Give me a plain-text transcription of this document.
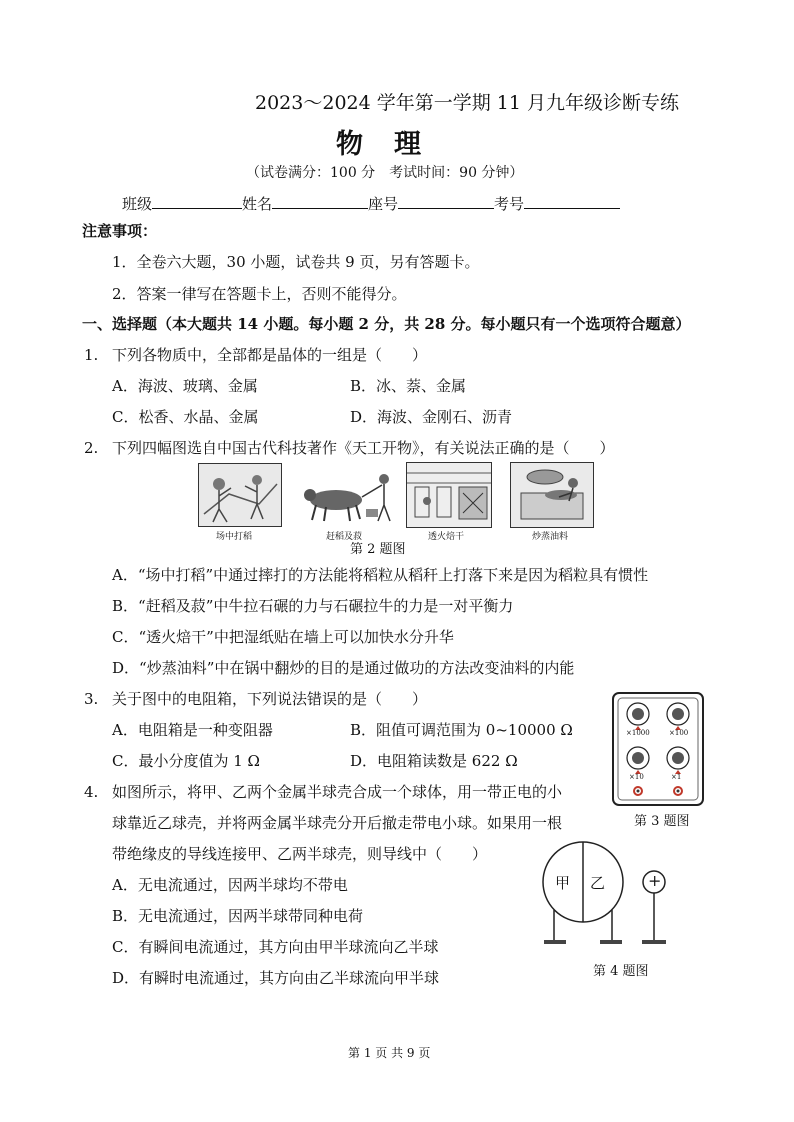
2023～2024 学年第一学期 11 月九年级诊断专练
物　理
（试卷满分：100 分　考试时间：90 分钟）
班级	姓名	座号	考号
注意事项：
1．全卷六大题，30 小题，试卷共 9 页，另有答题卡。
2．答案一律写在答题卡上，否则不能得分。
一、选择题（本大题共 14 小题。每小题 2 分，共 28 分。每小题只有一个选项符合题意）
1. 下列各物质中，全部都是晶体的一组是（　　）
A．海波、玻璃、金属	B．冰、萘、金属
C．松香、水晶、金属	D．海波、金刚石、沥青
2. 下列四幅图选自中国古代科技著作《天工开物》，有关说法正确的是（　　）
场中打稻	赶稻及菽	透火焙干	炒蒸油料
第 2 题图
A．“场中打稻”中通过摔打的方法能将稻粒从稻秆上打落下来是因为稻粒具有惯性
B．“赶稻及菽”中牛拉石碾的力与石碾拉牛的力是一对平衡力
C．“透火焙干”中把湿纸贴在墙上可以加快水分升华
D．“炒蒸油料”中在锅中翻炒的目的是通过做功的方法改变油料的内能
3. 关于图中的电阻箱，下列说法错误的是（　　）
A．电阻箱是一种变阻器	B．阻值可调范围为 0~10000 Ω
C．最小分度值为 1 Ω	D．电阻箱读数是 622 Ω
×1000	×100
×10	×1
第 3 题图
4. 如图所示，将甲、乙两个金属半球壳合成一个球体，用一带正电的小
球靠近乙球壳，并将两金属半球壳分开后撤走带电小球。如果用一根
带绝缘皮的导线连接甲、乙两半球壳，则导线中（　　）
A．无电流通过，因两半球均不带电
B．无电流通过，因两半球带同种电荷
C．有瞬间电流通过，其方向由甲半球流向乙半球
D．有瞬时电流通过，其方向由乙半球流向甲半球
甲 乙	+
第 4 题图
第 1 页 共 9 页
